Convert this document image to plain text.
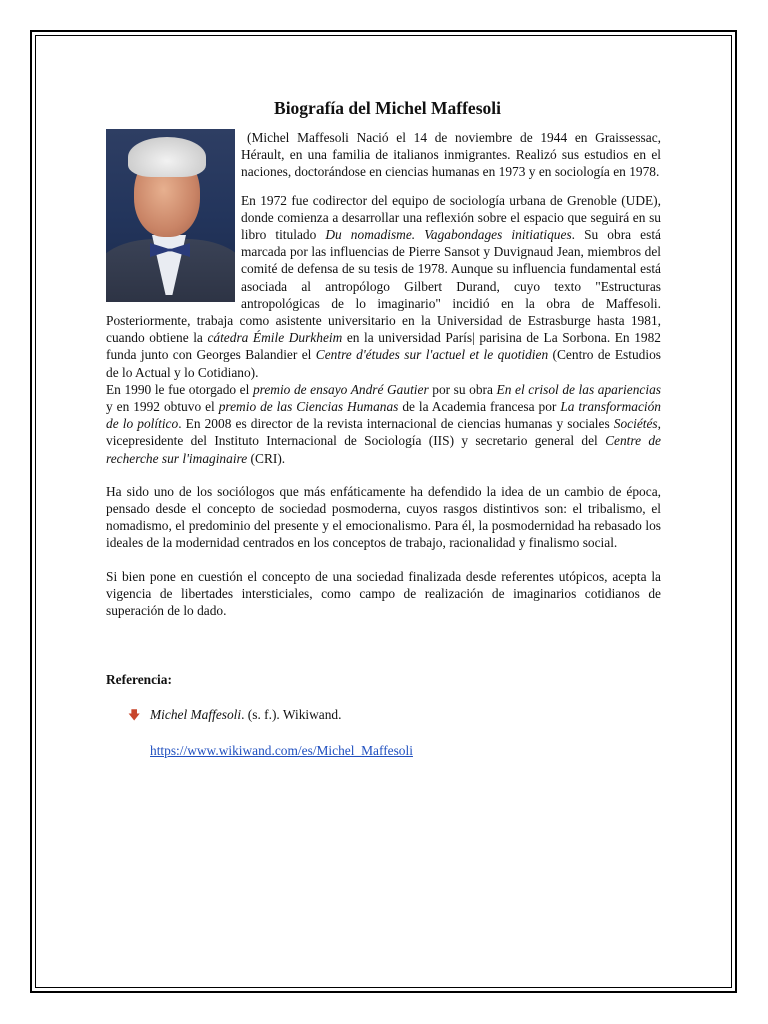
Biografía del Michel Maffesoli

(Michel Maffesoli Nació el 14 de noviembre de 1944 en Graissessac, Hérault, en una familia de italianos inmigrantes. Realizó sus estudios en el naciones, doctorándose en ciencias humanas en 1973 y en sociología en 1978.

En 1972 fue codirector del equipo de sociología urbana de Grenoble (UDE), donde comienza a desarrollar una reflexión sobre el espacio que seguirá en su libro titulado Du nomadisme. Vagabondages initiatiques. Su obra está marcada por las influencias de Pierre Sansot y Duvignaud Jean, miembros del comité de defensa de su tesis de 1978. Aunque su influencia fundamental está asociada al antropólogo Gilbert Durand, cuyo texto "Estructuras antropológicas de lo imaginario" incidió en la obra de Maffesoli. Posteriormente, trabaja como asistente universitario en la Universidad de Estrasburge hasta 1981, cuando obtiene la cátedra Émile Durkheim en la universidad París| parisina de La Sorbona. En 1982 funda junto con Georges Balandier el Centre d'études sur l'actuel et le quotidien (Centro de Estudios de lo Actual y lo Cotidiano).

En 1990 le fue otorgado el premio de ensayo André Gautier por su obra En el crisol de las apariencias y en 1992 obtuvo el premio de las Ciencias Humanas de la Academia francesa por La transformación de lo político. En 2008 es director de la revista internacional de ciencias humanas y sociales Sociétés, vicepresidente del Instituto Internacional de Sociología (IIS) y secretario general del Centre de recherche sur l'imaginaire (CRI).

Ha sido uno de los sociólogos que más enfáticamente ha defendido la idea de un cambio de época, pensado desde el concepto de sociedad posmoderna, cuyos rasgos distintivos son: el tribalismo, el nomadismo, el predominio del presente y el emocionalismo. Para él, la posmodernidad ha rebasado los ideales de la modernidad centrados en los conceptos de trabajo, racionalidad y finalismo social.

Si bien pone en cuestión el concepto de una sociedad finalizada desde referentes utópicos, acepta la vigencia de libertades intersticiales, como campo de realización de imaginarios cotidianos de superación de lo dado.

Referencia:
🡇 Michel Maffesoli. (s. f.). Wikiwand.
https://www.wikiwand.com/es/Michel_Maffesoli
